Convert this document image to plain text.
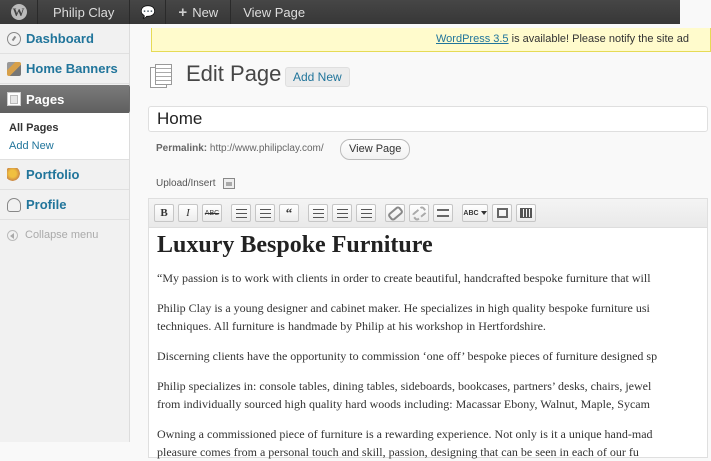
W	Philip Clay	💬 + New	View Page
Dashboard
Home Banners
Pages
All Pages
Add New
Portfolio
Profile
Collapse menu
WordPress 3.5 is available! Please notify the site ad
Edit Page Add New
Home
Permalink: http://www.philipclay.com/	View Page
Upload/Insert
B	I	ABC	“	ABC
Luxury Bespoke Furniture

“My passion is to work with clients in order to create beautiful, handcrafted bespoke furniture that will

Philip Clay is a young designer and cabinet maker. He specializes in high quality bespoke furniture usi
techniques. All furniture is handmade by Philip at his workshop in Hertfordshire.

Discerning clients have the opportunity to commission ‘one off’ bespoke pieces of furniture designed sp

Philip specializes in: console tables, dining tables, sideboards, bookcases, partners’ desks, chairs, jewel
from individually sourced high quality hard woods including: Macassar Ebony, Walnut, Maple, Sycam

Owning a commissioned piece of furniture is a rewarding experience. Not only is it a unique hand-mad
pleasure comes from a personal touch and skill, passion, designing that can be seen in each of our fu
